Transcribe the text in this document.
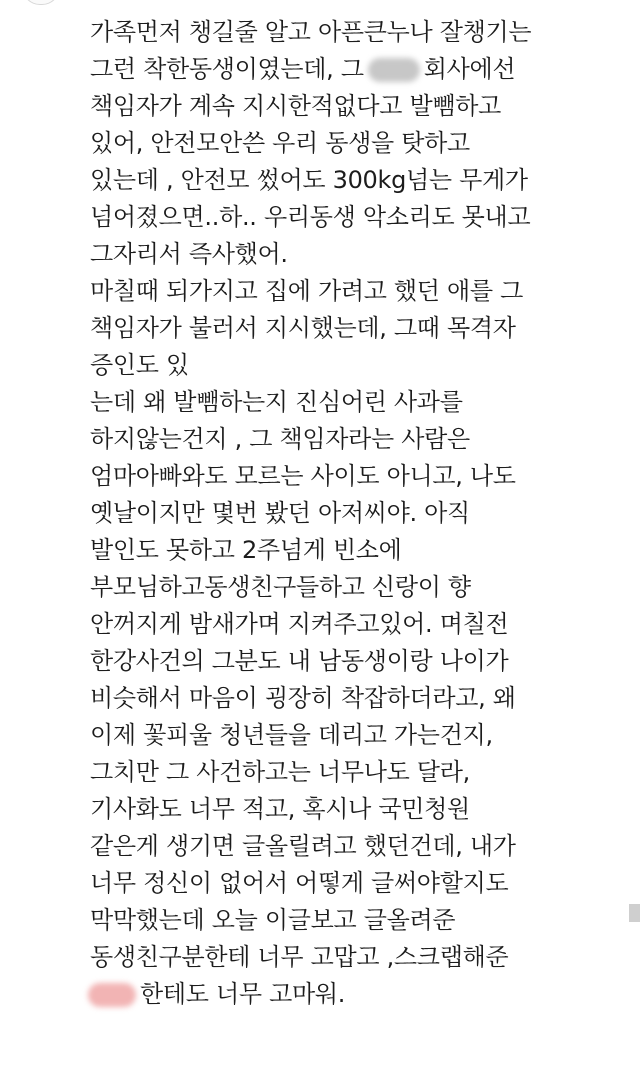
가족먼저 챙길줄 알고 아픈큰누나 잘챙기는
그런 착한동생이였는데, 그	회사에선
책임자가 계속 지시한적없다고 발뺌하고
있어, 안전모안쓴 우리 동생을 탓하고
있는데 , 안전모 썼어도 300kg넘는 무게가
넘어졌으면..하.. 우리동생 악소리도 못내고
그자리서 즉사했어.
마칠때 되가지고 집에 가려고 했던 애를 그
책임자가 불러서 지시했는데, 그때 목격자
증인도 있
는데 왜 발뺌하는지 진심어린 사과를
하지않는건지 , 그 책임자라는 사람은
엄마아빠와도 모르는 사이도 아니고, 나도
옛날이지만 몇번 봤던 아저씨야. 아직
발인도 못하고 2주넘게 빈소에
부모님하고동생친구들하고 신랑이 향
안꺼지게 밤새가며 지켜주고있어. 며칠전
한강사건의 그분도 내 남동생이랑 나이가
비슷해서 마음이 굉장히 착잡하더라고, 왜
이제 꽃피울 청년들을 데리고 가는건지,
그치만 그 사건하고는 너무나도 달라,
기사화도 너무 적고, 혹시나 국민청원
같은게 생기면 글올릴려고 했던건데, 내가
너무 정신이 없어서 어떻게 글써야할지도
막막했는데 오늘 이글보고 글올려준
동생친구분한테 너무 고맙고 ,스크랩해준
한테도 너무 고마워.
